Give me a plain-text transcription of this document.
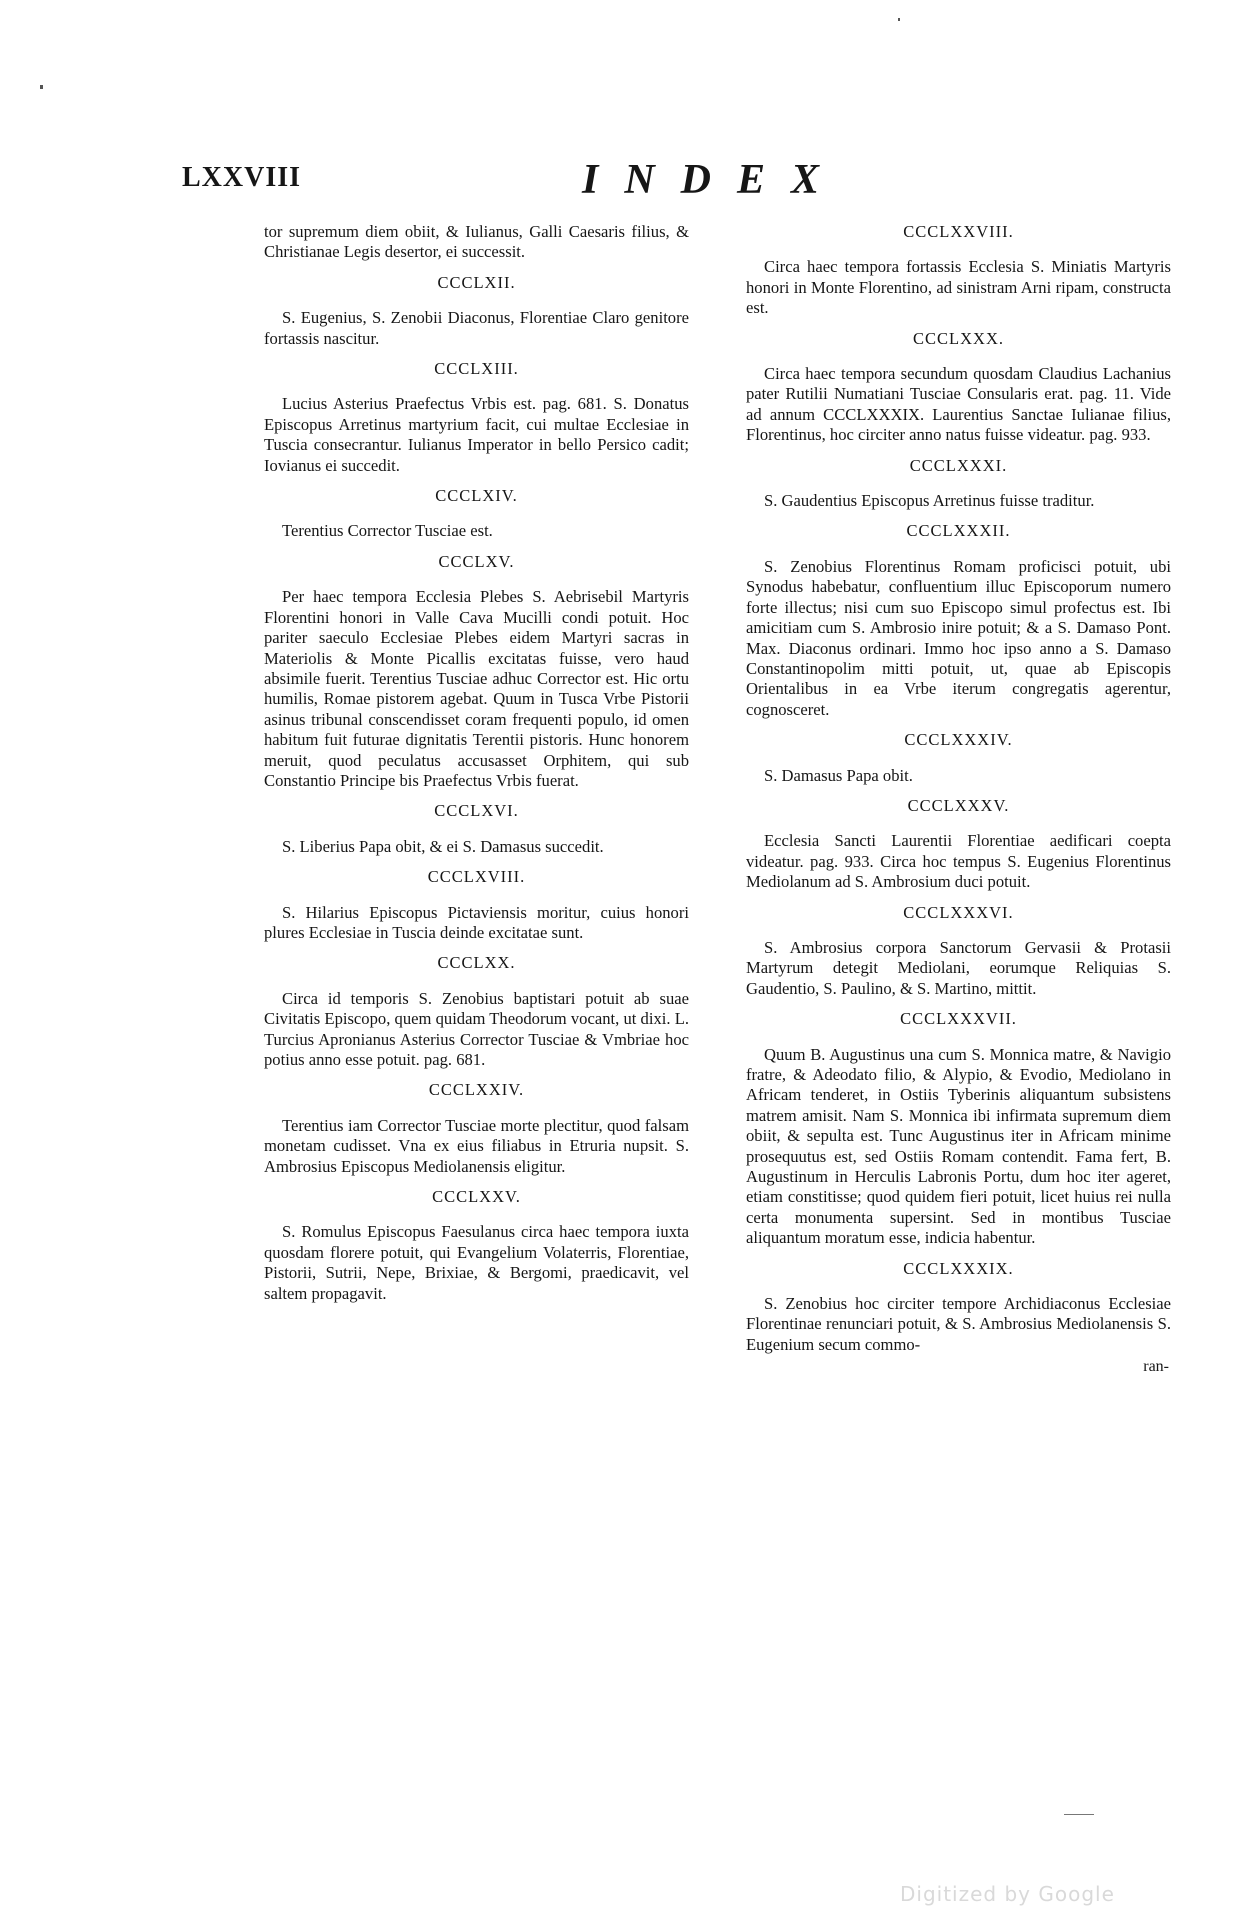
LXXVIII	INDEX

tor supremum diem obiit, & Iulianus, Galli Caesaris filius, & Christianae Legis desertor, ei successit.

CCCLXII.

S. Eugenius, S. Zenobii Diaconus, Florentiae Claro genitore fortassis nascitur.

CCCLXIII.

Lucius Asterius Praefectus Vrbis est. pag. 681. S. Donatus Episcopus Arretinus martyrium facit, cui multae Ecclesiae in Tuscia consecrantur. Iulianus Imperator in bello Persico cadit; Iovianus ei succedit.

CCCLXIV.

Terentius Corrector Tusciae est.

CCCLXV.

Per haec tempora Ecclesia Plebes S. Aebrisebil Martyris Florentini honori in Valle Cava Mucilli condi potuit. Hoc pariter saeculo Ecclesiae Plebes eidem Martyri sacras in Materiolis & Monte Picallis excitatas fuisse, vero haud absimile fuerit. Terentius Tusciae adhuc Corrector est. Hic ortu humilis, Romae pistorem agebat. Quum in Tusca Vrbe Pistorii asinus tribunal conscendisset coram frequenti populo, id omen habitum fuit futurae dignitatis Terentii pistoris. Hunc honorem meruit, quod peculatus accusasset Orphitem, qui sub Constantio Principe bis Praefectus Vrbis fuerat.

CCCLXVI.

S. Liberius Papa obit, & ei S. Damasus succedit.

CCCLXVIII.

S. Hilarius Episcopus Pictaviensis moritur, cuius honori plures Ecclesiae in Tuscia deinde excitatae sunt.

CCCLXX.

Circa id temporis S. Zenobius baptistari potuit ab suae Civitatis Episcopo, quem quidam Theodorum vocant, ut dixi. L. Turcius Apronianus Asterius Corrector Tusciae & Vmbriae hoc potius anno esse potuit. pag. 681.

CCCLXXIV.

Terentius iam Corrector Tusciae morte plectitur, quod falsam monetam cudisset. Vna ex eius filiabus in Etruria nupsit. S. Ambrosius Episcopus Mediolanensis eligitur.

CCCLXXV.

S. Romulus Episcopus Faesulanus circa haec tempora iuxta quosdam florere potuit, qui Evangelium Volaterris, Florentiae, Pistorii, Sutrii, Nepe, Brixiae, & Bergomi, praedicavit, vel saltem propagavit.

CCCLXXVIII.

Circa haec tempora fortassis Ecclesia S. Miniatis Martyris honori in Monte Florentino, ad sinistram Arni ripam, constructa est.

CCCLXXX.

Circa haec tempora secundum quosdam Claudius Lachanius pater Rutilii Numatiani Tusciae Consularis erat. pag. 11. Vide ad annum CCCLXXXIX. Laurentius Sanctae Iulianae filius, Florentinus, hoc circiter anno natus fuisse videatur. pag. 933.

CCCLXXXI.

S. Gaudentius Episcopus Arretinus fuisse traditur.

CCCLXXXII.

S. Zenobius Florentinus Romam proficisci potuit, ubi Synodus habebatur, confluentium illuc Episcoporum numero forte illectus; nisi cum suo Episcopo simul profectus est. Ibi amicitiam cum S. Ambrosio inire potuit; & a S. Damaso Pont. Max. Diaconus ordinari. Immo hoc ipso anno a S. Damaso Constantinopolim mitti potuit, ut, quae ab Episcopis Orientalibus in ea Vrbe iterum congregatis agerentur, cognosceret.

CCCLXXXIV.

S. Damasus Papa obit.

CCCLXXXV.

Ecclesia Sancti Laurentii Florentiae aedificari coepta videatur. pag. 933. Circa hoc tempus S. Eugenius Florentinus Mediolanum ad S. Ambrosium duci potuit.

CCCLXXXVI.

S. Ambrosius corpora Sanctorum Gervasii & Protasii Martyrum detegit Mediolani, eorumque Reliquias S. Gaudentio, S. Paulino, & S. Martino, mittit.

CCCLXXXVII.

Quum B. Augustinus una cum S. Monnica matre, & Navigio fratre, & Adeodato filio, & Alypio, & Evodio, Mediolano in Africam tenderet, in Ostiis Tyberinis aliquantum subsistens matrem amisit. Nam S. Monnica ibi infirmata supremum diem obiit, & sepulta est. Tunc Augustinus iter in Africam minime prosequutus est, sed Ostiis Romam contendit. Fama fert, B. Augustinum in Herculis Labronis Portu, dum hoc iter ageret, etiam constitisse; quod quidem fieri potuit, licet huius rei nulla certa monumenta supersint. Sed in montibus Tusciae aliquantum moratum esse, indicia habentur.

CCCLXXXIX.

S. Zenobius hoc circiter tempore Archidiaconus Ecclesiae Florentinae renunciari potuit, & S. Ambrosius Mediolanensis S. Eugenium secum commo-

ran-
Digitized by Google
